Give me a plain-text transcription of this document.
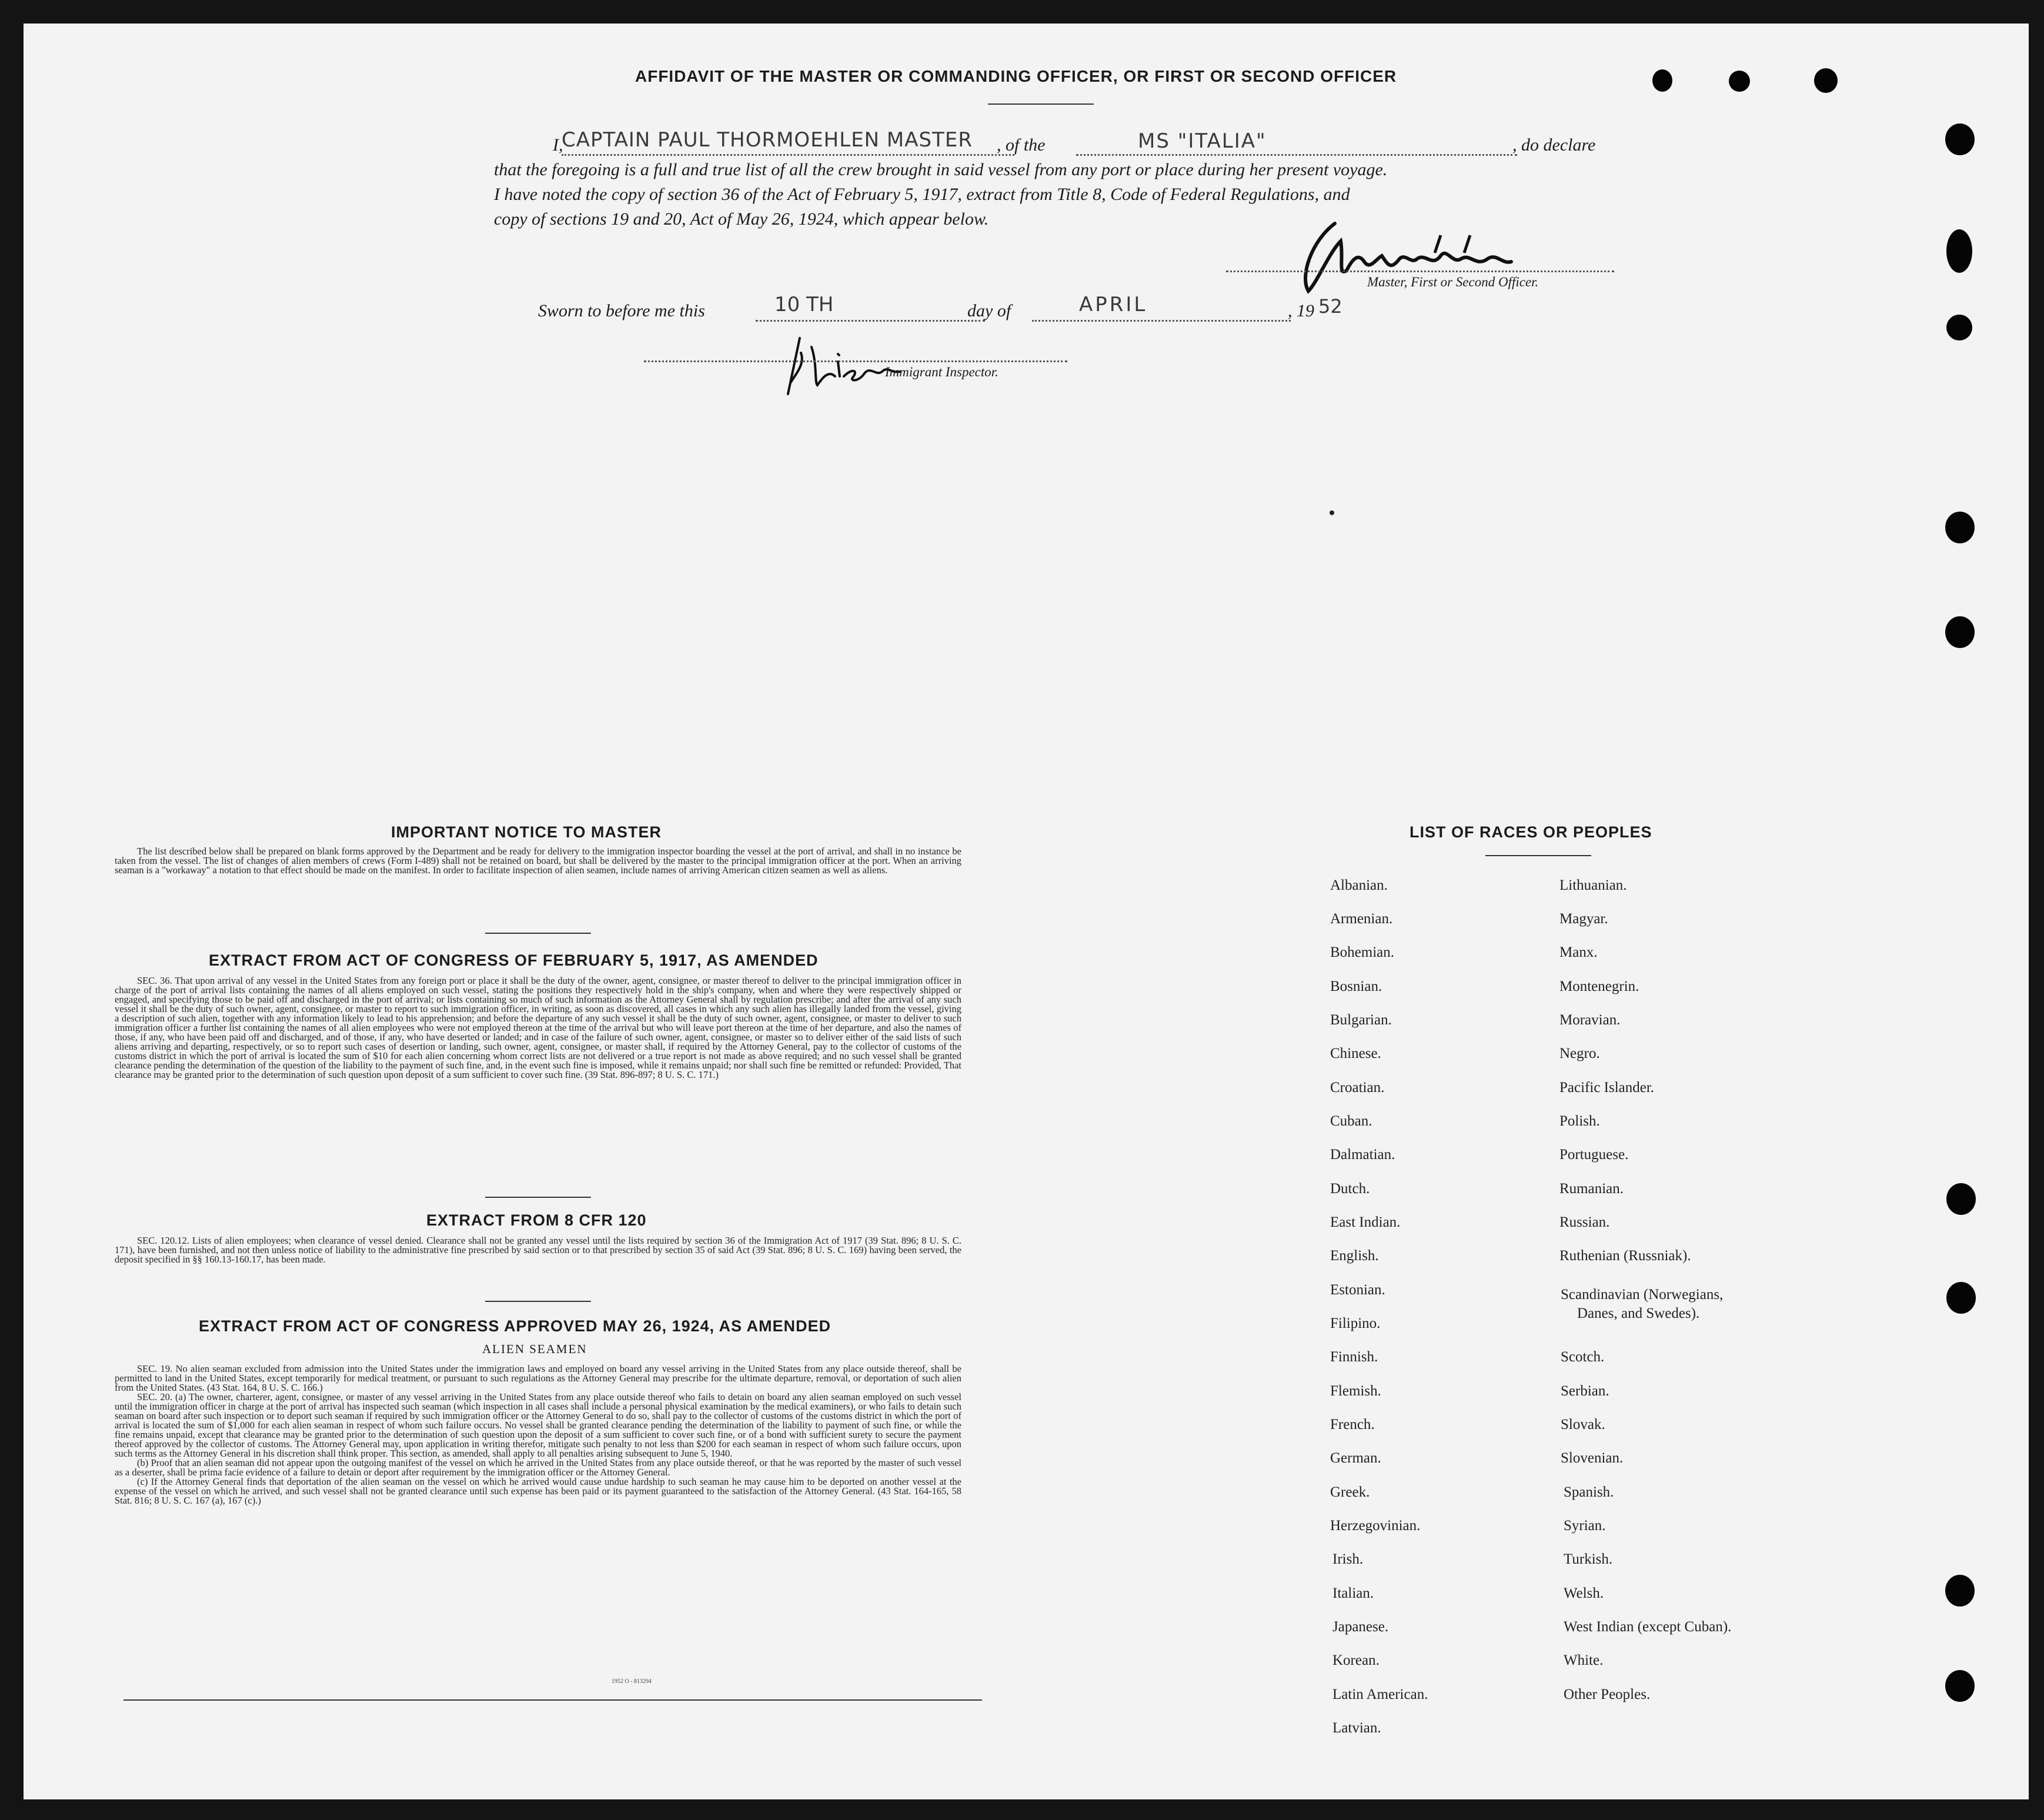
AFFIDAVIT OF THE MASTER OR COMMANDING OFFICER, OR FIRST OR SECOND OFFICER
I,
CAPTAIN PAUL THORMOEHLEN MASTER , of the	MS "ITALIA"	, do declare
that the foregoing is a full and true list of all the crew brought in said vessel from any port or place during her present voyage.
I have noted the copy of section 36 of the Act of February 5, 1917, extract from Title 8, Code of Federal Regulations, and
copy of sections 19 and 20, Act of May 26, 1924, which appear below.
Master, First or Second Officer.
Sworn to before me this	10 TH	day of	APRIL	, 19 52
Immigrant Inspector.
IMPORTANT NOTICE TO MASTER

The list described below shall be prepared on blank forms approved by the Department and be ready for delivery to the immigration inspector boarding the vessel at the port of arrival, and shall in no instance be taken from the vessel. The list of changes of alien members of crews (Form I-489) shall not be retained on board, but shall be delivered by the master to the principal immigration officer at the port. When an arriving seaman is a "workaway" a notation to that effect should be made on the manifest. In order to facilitate inspection of alien seamen, include names of arriving American citizen seamen as well as aliens.

EXTRACT FROM ACT OF CONGRESS OF FEBRUARY 5, 1917, AS AMENDED

SEC. 36. That upon arrival of any vessel in the United States from any foreign port or place it shall be the duty of the owner, agent, consignee, or master thereof to deliver to the principal immigration officer in charge of the port of arrival lists containing the names of all aliens employed on such vessel, stating the positions they respectively hold in the ship's company, when and where they were respectively shipped or engaged, and specifying those to be paid off and discharged in the port of arrival; or lists containing so much of such information as the Attorney General shall by regulation prescribe; and after the arrival of any such vessel it shall be the duty of such owner, agent, consignee, or master to report to such immigration officer, in writing, as soon as discovered, all cases in which any such alien has illegally landed from the vessel, giving a description of such alien, together with any information likely to lead to his apprehension; and before the departure of any such vessel it shall be the duty of such owner, agent, consignee, or master to deliver to such immigration officer a further list containing the names of all alien employees who were not employed thereon at the time of the arrival but who will leave port thereon at the time of her departure, and also the names of those, if any, who have been paid off and discharged, and of those, if any, who have deserted or landed; and in case of the failure of such owner, agent, consignee, or master so to deliver either of the said lists of such aliens arriving and departing, respectively, or so to report such cases of desertion or landing, such owner, agent, consignee, or master shall, if required by the Attorney General, pay to the collector of customs of the customs district in which the port of arrival is located the sum of $10 for each alien concerning whom correct lists are not delivered or a true report is not made as above required; and no such vessel shall be granted clearance pending the determination of the question of the liability to the payment of such fine, and, in the event such fine is imposed, while it remains unpaid; nor shall such fine be remitted or refunded: Provided, That clearance may be granted prior to the determination of such question upon deposit of a sum sufficient to cover such fine. (39 Stat. 896-897; 8 U. S. C. 171.)

EXTRACT FROM 8 CFR 120

SEC. 120.12. Lists of alien employees; when clearance of vessel denied. Clearance shall not be granted any vessel until the lists required by section 36 of the Immigration Act of 1917 (39 Stat. 896; 8 U. S. C. 171), have been furnished, and not then unless notice of liability to the administrative fine prescribed by said section or to that prescribed by section 35 of said Act (39 Stat. 896; 8 U. S. C. 169) having been served, the deposit specified in §§ 160.13-160.17, has been made.

EXTRACT FROM ACT OF CONGRESS APPROVED MAY 26, 1924, AS AMENDED
ALIEN SEAMEN

SEC. 19. No alien seaman excluded from admission into the United States under the immigration laws and employed on board any vessel arriving in the United States from any place outside thereof, shall be permitted to land in the United States, except temporarily for medical treatment, or pursuant to such regulations as the Attorney General may prescribe for the ultimate departure, removal, or deportation of such alien from the United States. (43 Stat. 164, 8 U. S. C. 166.)

SEC. 20. (a) The owner, charterer, agent, consignee, or master of any vessel arriving in the United States from any place outside thereof who fails to detain on board any alien seaman employed on such vessel until the immigration officer in charge at the port of arrival has inspected such seaman (which inspection in all cases shall include a personal physical examination by the medical examiners), or who fails to detain such seaman on board after such inspection or to deport such seaman if required by such immigration officer or the Attorney General to do so, shall pay to the collector of customs of the customs district in which the port of arrival is located the sum of $1,000 for each alien seaman in respect of whom such failure occurs. No vessel shall be granted clearance pending the determination of the liability to payment of such fine, or while the fine remains unpaid, except that clearance may be granted prior to the determination of such question upon the deposit of a sum sufficient to cover such fine, or of a bond with sufficient surety to secure the payment thereof approved by the collector of customs. The Attorney General may, upon application in writing therefor, mitigate such penalty to not less than $200 for each seaman in respect of whom such failure occurs, upon such terms as the Attorney General in his discretion shall think proper. This section, as amended, shall apply to all penalties arising subsequent to June 5, 1940.

(b) Proof that an alien seaman did not appear upon the outgoing manifest of the vessel on which he arrived in the United States from any place outside thereof, or that he was reported by the master of such vessel as a deserter, shall be prima facie evidence of a failure to detain or deport after requirement by the immigration officer or the Attorney General.

(c) If the Attorney General finds that deportation of the alien seaman on the vessel on which he arrived would cause undue hardship to such seaman he may cause him to be deported on another vessel at the expense of the vessel on which he arrived, and such vessel shall not be granted clearance until such expense has been paid or its payment guaranteed to the satisfaction of the Attorney General. (43 Stat. 164-165, 58 Stat. 816; 8 U. S. C. 167 (a), 167 (c).)

1952 O - 813294
LIST OF RACES OR PEOPLES
Albanian.
Armenian.
Bohemian.
Bosnian.
Bulgarian.
Chinese.
Croatian.
Cuban.
Dalmatian.
Dutch.
East Indian.
English.
Estonian.
Filipino.
Finnish.
Flemish.
French.
German.
Greek.
Herzegovinian.
Irish.
Italian.
Japanese.
Korean.
Latin American.
Latvian.
Lithuanian.
Magyar.
Manx.
Montenegrin.
Moravian.
Negro.
Pacific Islander.
Polish.
Portuguese.
Rumanian.
Russian.
Ruthenian (Russniak).
Scandinavian (Norwegians,
Danes, and Swedes).
Scotch.
Serbian.
Slovak.
Slovenian.
Spanish.
Syrian.
Turkish.
Welsh.
West Indian (except Cuban).
White.
Other Peoples.
